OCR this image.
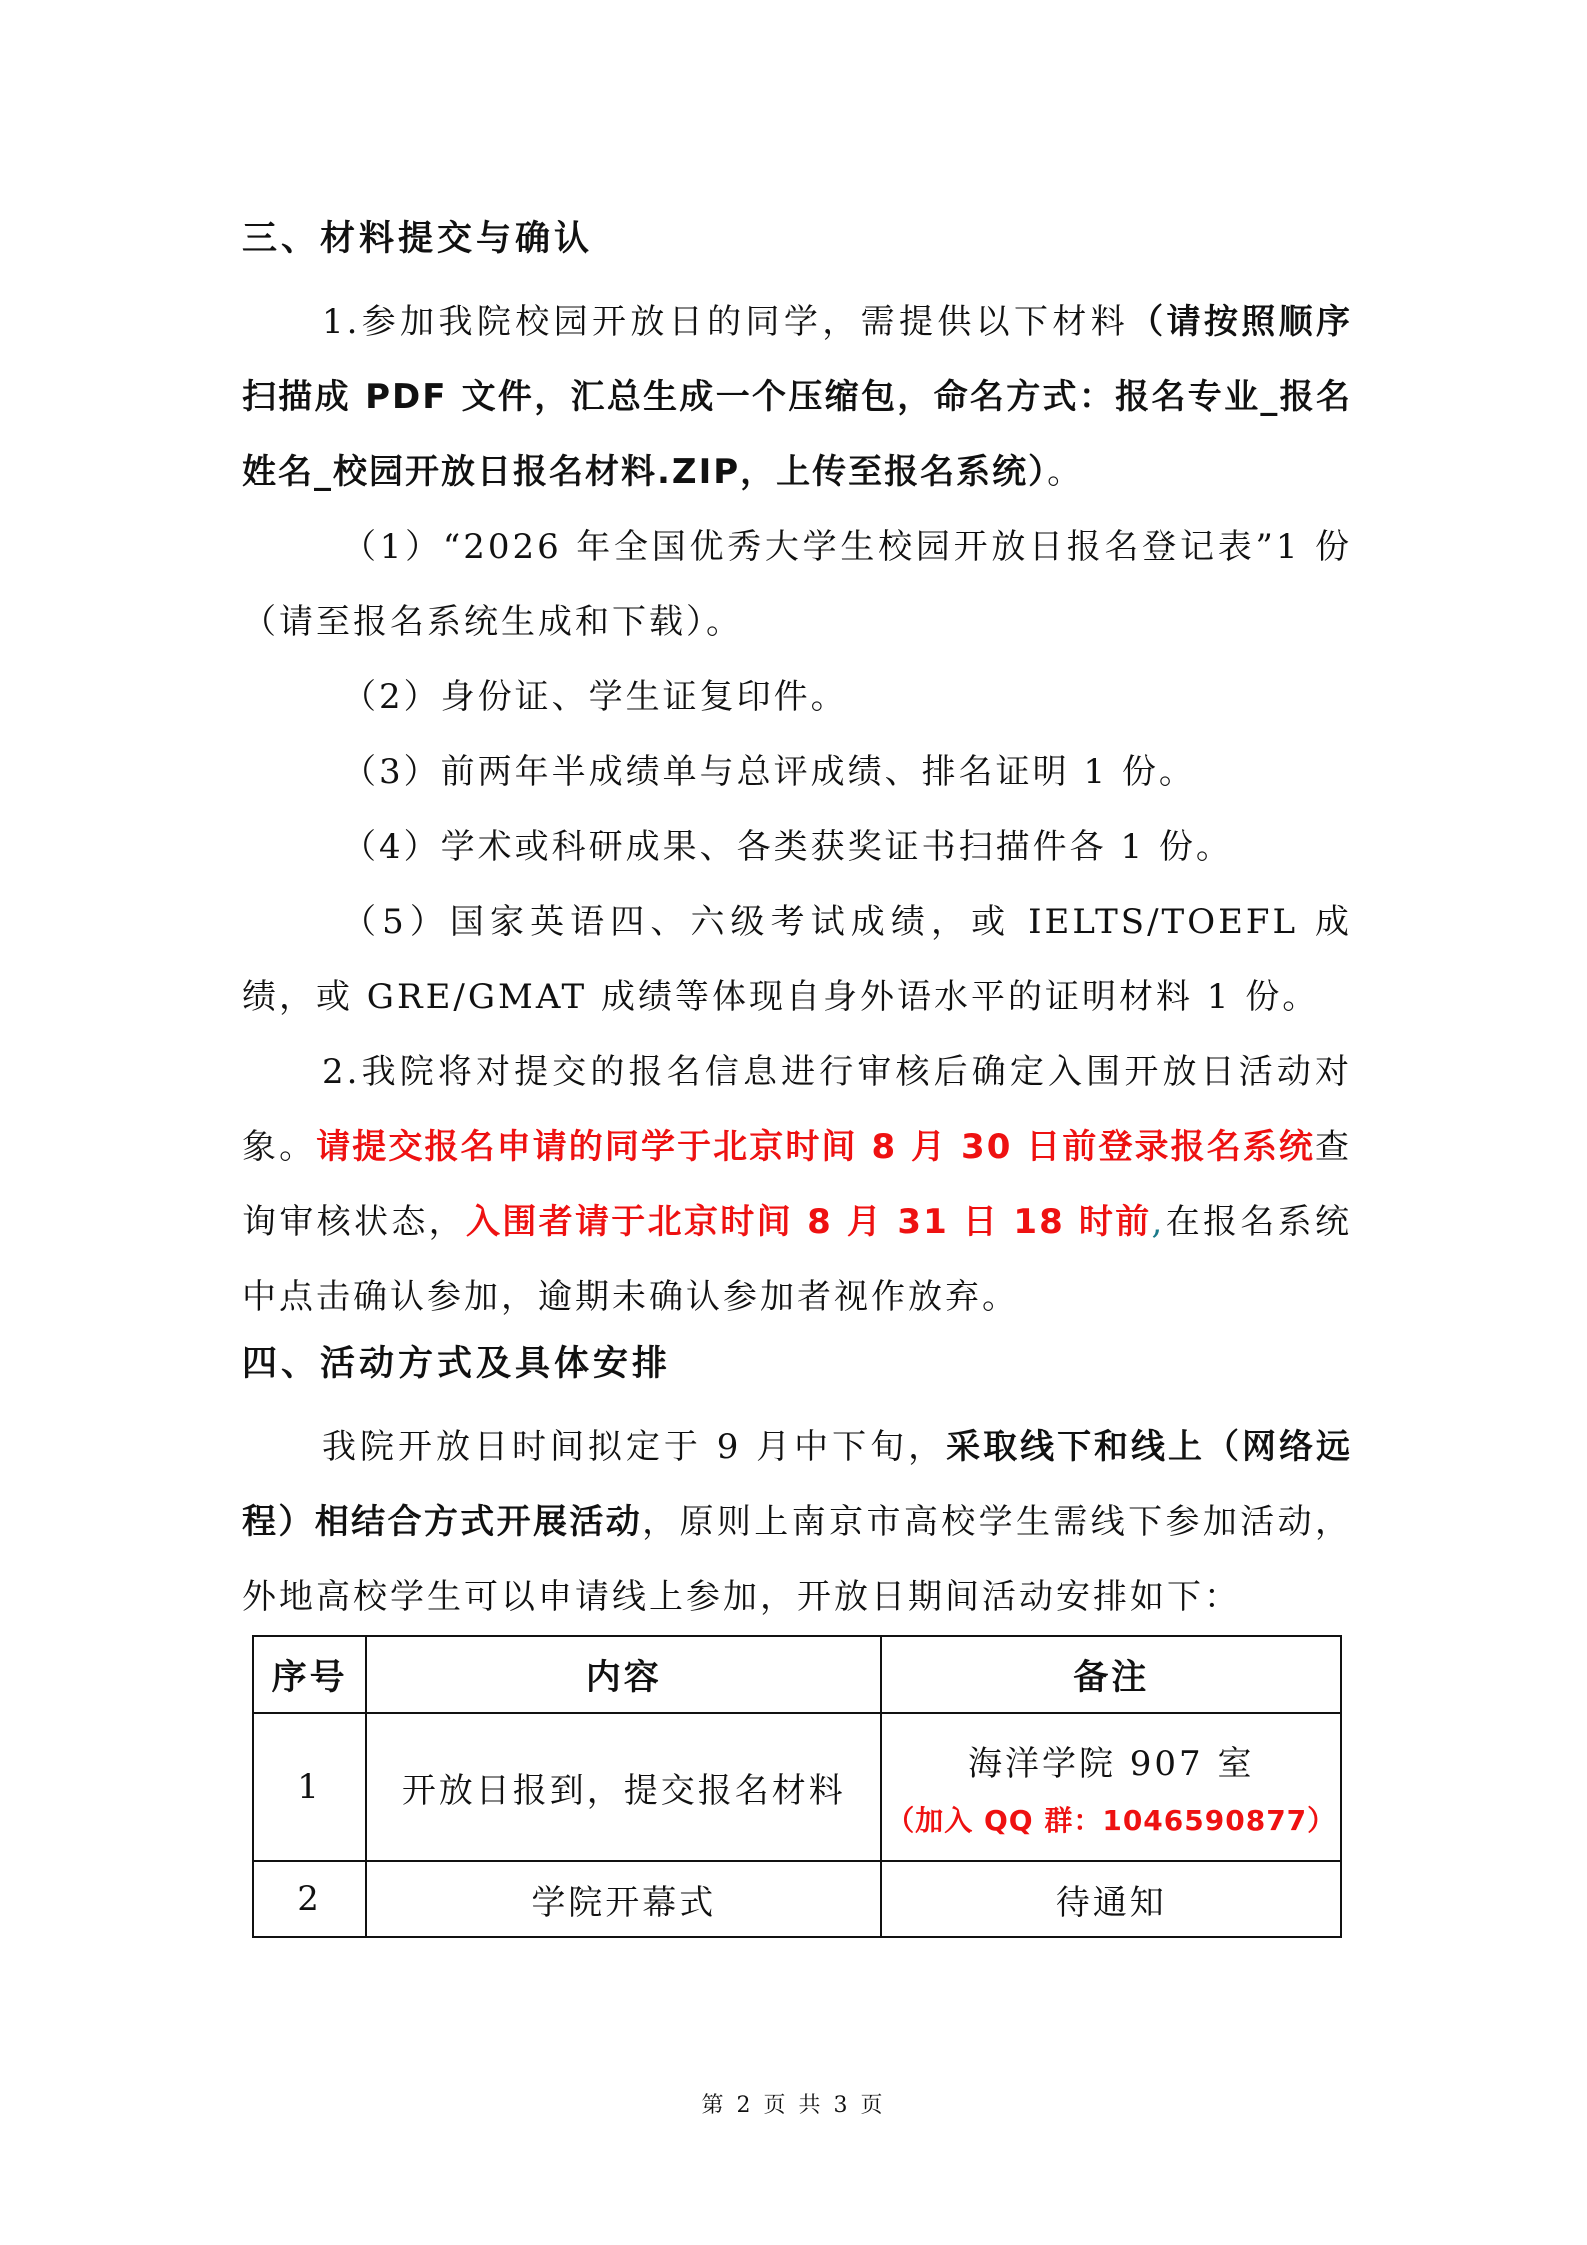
三、材料提交与确认

1.参加我院校园开放日的同学，需提供以下材料（请按照顺序扫描成 PDF 文件，汇总生成一个压缩包，命名方式：报名专业_报名姓名_校园开放日报名材料.ZIP，上传至报名系统）。

（1）“2026 年全国优秀大学生校园开放日报名登记表”1 份（请至报名系统生成和下载）。

（2）身份证、学生证复印件。

（3）前两年半成绩单与总评成绩、排名证明 1 份。

（4）学术或科研成果、各类获奖证书扫描件各 1 份。

（5）国家英语四、六级考试成绩，或 IELTS/TOEFL 成绩，或 GRE/GMAT 成绩等体现自身外语水平的证明材料 1 份。

2.我院将对提交的报名信息进行审核后确定入围开放日活动对象。请提交报名申请的同学于北京时间 8 月 30 日前登录报名系统查询审核状态，入围者请于北京时间 8 月 31 日 18 时前,在报名系统中点击确认参加，逾期未确认参加者视作放弃。

四、活动方式及具体安排

我院开放日时间拟定于 9 月中下旬，采取线下和线上（网络远程）相结合方式开展活动，原则上南京市高校学生需线下参加活动，外地高校学生可以申请线上参加，开放日期间活动安排如下：

序号	内容	备注
1	开放日报到，提交报名材料	海洋学院 907 室
（加入 QQ 群：1046590877）

2	学院开幕式	待通知
第 2 页 共 3 页
